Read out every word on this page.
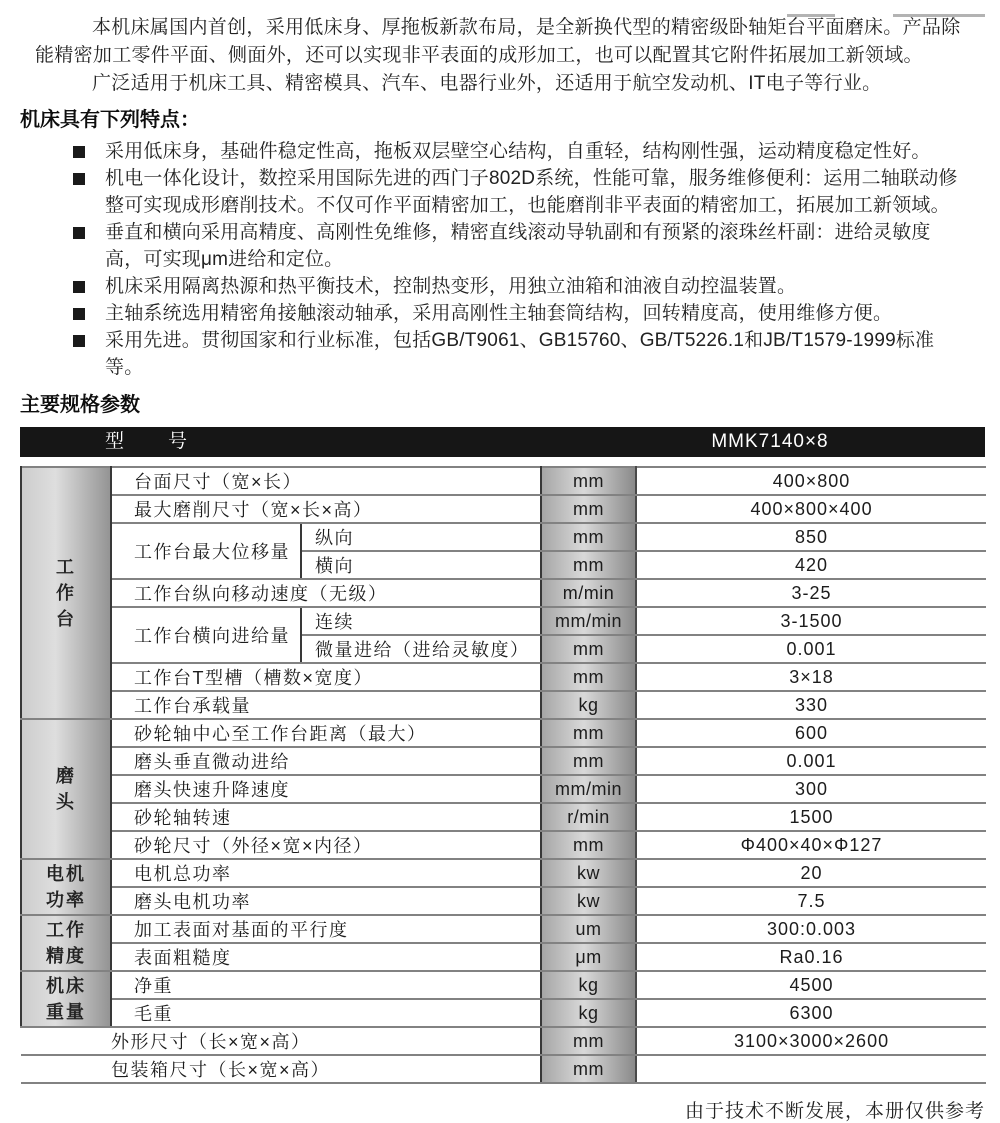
本机床属国内首创，采用低床身、厚拖板新款布局，是全新换代型的精密级卧轴矩台平面磨床。产品除能精密加工零件平面、侧面外，还可以实现非平表面的成形加工，也可以配置其它附件拓展加工新领域。

广泛适用于机床工具、精密模具、汽车、电器行业外，还适用于航空发动机、IT电子等行业。

机床具有下列特点：
采用低床身，基础件稳定性高，拖板双层壁空心结构，自重轻，结构刚性强，运动精度稳定性好。
机电一体化设计，数控采用国际先进的西门子802D系统，性能可靠，服务维修便利：运用二轴联动修整可实现成形磨削技术。不仅可作平面精密加工，也能磨削非平表面的精密加工，拓展加工新领域。
垂直和横向采用高精度、高刚性免维修，精密直线滚动导轨副和有预紧的滚珠丝杆副：进给灵敏度高，可实现μm进给和定位。
机床采用隔离热源和热平衡技术，控制热变形，用独立油箱和油液自动控温装置。
主轴系统选用精密角接触滚动轴承，采用高刚性主轴套筒结构，回转精度高，使用维修方便。
采用先进。贯彻国家和行业标准，包括GB/T9061、GB15760、GB/T5226.1和JB/T1579-1999标准等。
主要规格参数
型　　号	MMK7140×8
工
作
台	台面尺寸（宽×长）		mm	400×800
	最大磨削尺寸（宽×长×高）		mm	400×800×400
	工作台最大位移量	纵向	mm	850
		横向	mm	420
	工作台纵向移动速度（无级）		m/min	3-25
	工作台横向进给量	连续	mm/min	3-1500
		微量进给（进给灵敏度）	mm	0.001
	工作台T型槽（槽数×宽度）		mm	3×18
	工作台承载量		kg	330

磨
头	砂轮轴中心至工作台距离（最大）		mm	600
	磨头垂直微动进给		mm	0.001
	磨头快速升降速度		mm/min	300
	砂轮轴转速		r/min	1500
	砂轮尺寸（外径×宽×内径）		mm	Φ400×40×Φ127

电机
功率	电机总功率		kw	20
	磨头电机功率		kw	7.5

工作
精度	加工表面对基面的平行度		um	300:0.003
	表面粗糙度		μm	Ra0.16

机床
重量	净重		kg	4500
	毛重		kg	6300
外形尺寸（长×宽×高）			mm	3100×3000×2600
包装箱尺寸（长×宽×高）			mm	
由于技术不断发展，本册仅供参考
